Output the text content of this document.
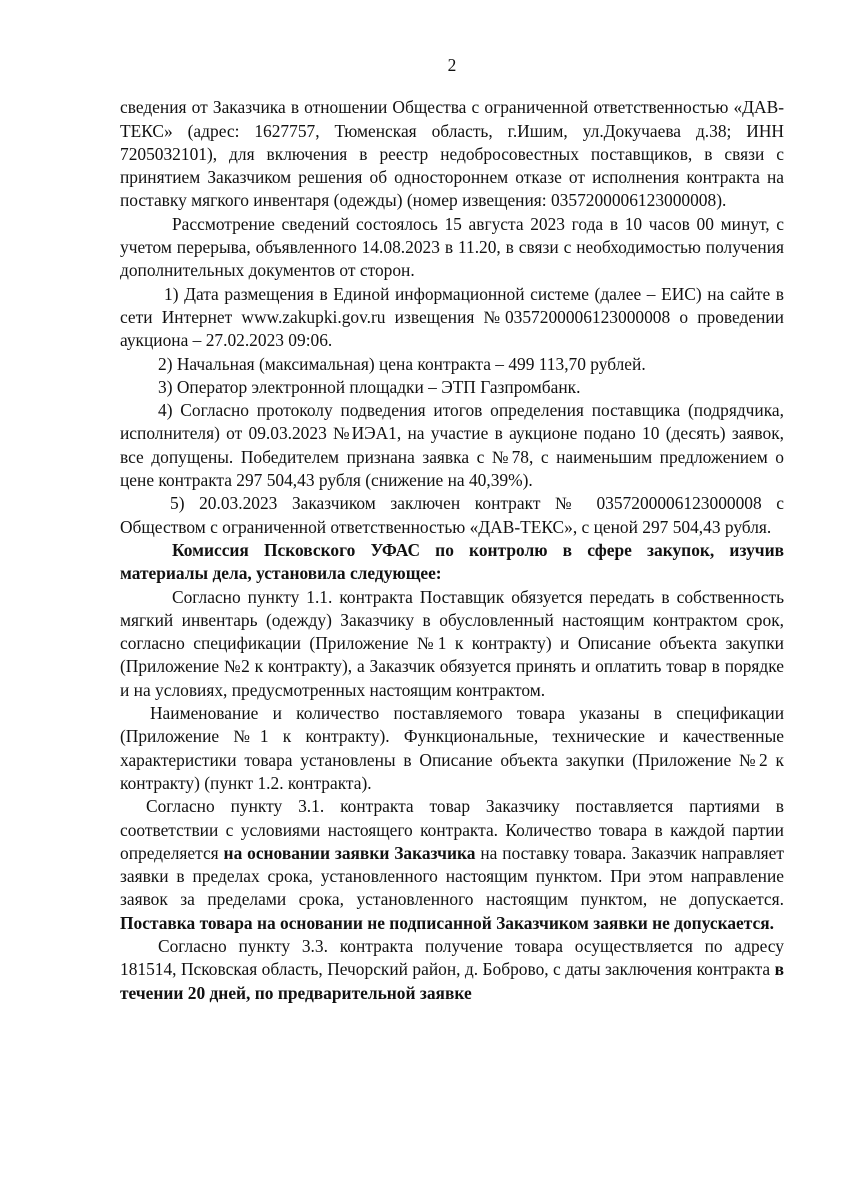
2

сведения от Заказчика в отношении Общества с ограниченной ответственностью «ДАВ-ТЕКС» (адрес: 1627757, Тюменская область, г.Ишим, ул.Докучаева д.38; ИНН 7205032101), для включения в реестр недобросовестных поставщиков, в связи с принятием Заказчиком решения об одностороннем отказе от исполнения контракта на поставку мягкого инвентаря (одежды) (номер извещения: 0357200006123000008).

Рассмотрение сведений состоялось 15 августа 2023 года в 10 часов 00 минут, с учетом перерыва, объявленного 14.08.2023 в 11.20, в связи с необходимостью получения дополнительных документов от сторон.

1) Дата размещения в Единой информационной системе (далее – ЕИС) на сайте в сети Интернет www.zakupki.gov.ru извещения №0357200006123000008 о проведении аукциона – 27.02.2023 09:06.

2) Начальная (максимальная) цена контракта – 499 113,70 рублей.

3) Оператор электронной площадки – ЭТП Газпромбанк.

4) Согласно протоколу подведения итогов определения поставщика (подрядчика, исполнителя) от 09.03.2023 №ИЭА1, на участие в аукционе подано 10 (десять) заявок, все допущены. Победителем признана заявка с №78, с наименьшим предложением о цене контракта 297 504,43 рубля (снижение на 40,39%).

5) 20.03.2023 Заказчиком заключен контракт № 0357200006123000008 с Обществом с ограниченной ответственностью «ДАВ-ТЕКС», с ценой 297 504,43 рубля.

Комиссия Псковского УФАС по контролю в сфере закупок, изучив материалы дела, установила следующее:

Согласно пункту 1.1. контракта Поставщик обязуется передать в собственность мягкий инвентарь (одежду) Заказчику в обусловленный настоящим контрактом срок, согласно спецификации (Приложение №1 к контракту) и Описание объекта закупки (Приложение №2 к контракту), а Заказчик обязуется принять и оплатить товар в порядке и на условиях, предусмотренных настоящим контрактом.

Наименование и количество поставляемого товара указаны в спецификации (Приложение №1 к контракту). Функциональные, технические и качественные характеристики товара установлены в Описание объекта закупки (Приложение №2 к контракту) (пункт 1.2. контракта).

Согласно пункту 3.1. контракта товар Заказчику поставляется партиями в соответствии с условиями настоящего контракта. Количество товара в каждой партии определяется на основании заявки Заказчика на поставку товара. Заказчик направляет заявки в пределах срока, установленного настоящим пунктом. При этом направление заявок за пределами срока, установленного настоящим пунктом, не допускается. Поставка товара на основании не подписанной Заказчиком заявки не допускается.

Согласно пункту 3.3. контракта получение товара осуществляется по адресу 181514, Псковская область, Печорский район, д. Боброво, с даты заключения контракта в течении 20 дней, по предварительной заявке
